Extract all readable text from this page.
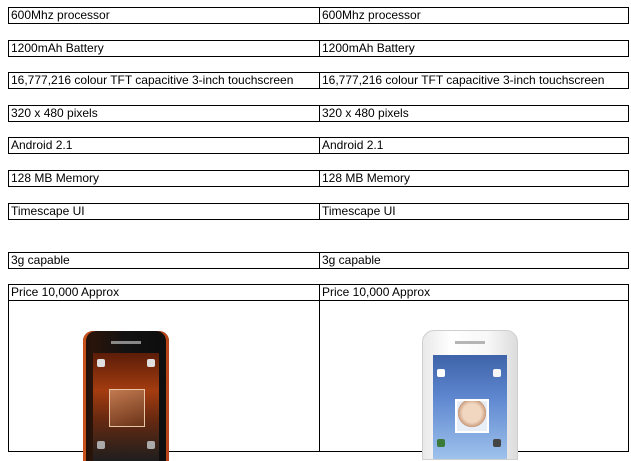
600Mhz processor	600Mhz processor
1200mAh Battery	1200mAh Battery
16,777,216 colour TFT capacitive 3-inch touchscreen	16,777,216 colour TFT capacitive 3-inch touchscreen
320 x 480 pixels	320 x 480 pixels
Android 2.1	Android 2.1
128 MB Memory	128 MB Memory
Timescape UI	Timescape UI
3g capable	3g capable
Price 10,000 Approx	Price 10,000 Approx
